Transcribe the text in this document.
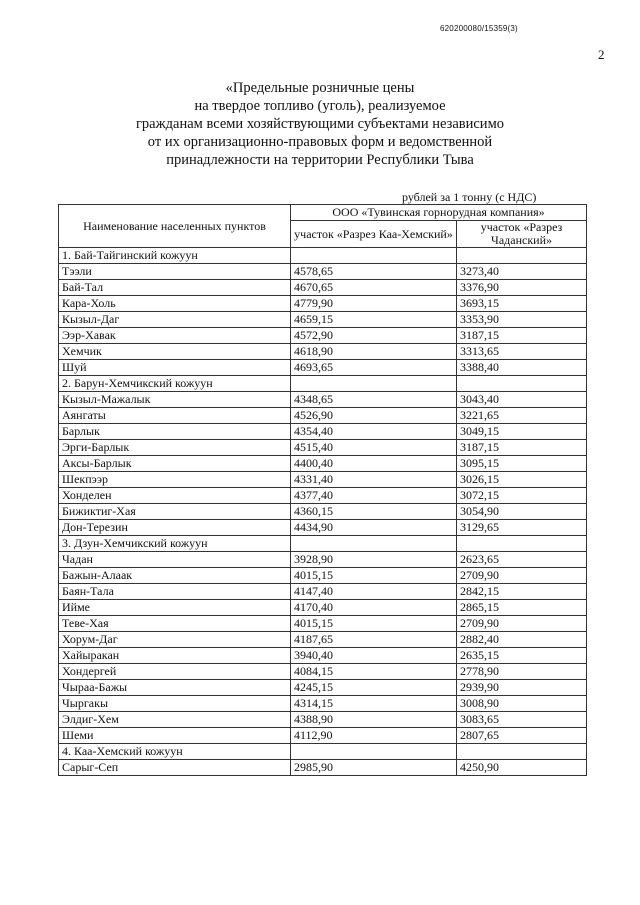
620200080/15359(3)
2
«Предельные розничные цены
на твердое топливо (уголь), реализуемое
гражданам всеми хозяйствующими субъектами независимо
от их организационно-правовых форм и ведомственной
принадлежности на территории Республики Тыва
рублей за 1 тонну (с НДС)
Наименование населенных пунктов	ООО «Тувинская горнорудная компания»	
	участок «Разрез Каа-Хемский»	участок «Разрез Чаданский»
1. Бай-Тайгинский кожуун		
Тээли	4578,65	3273,40
Бай-Тал	4670,65	3376,90
Кара-Холь	4779,90	3693,15
Кызыл-Даг	4659,15	3353,90
Ээр-Хавак	4572,90	3187,15
Хемчик	4618,90	3313,65
Шуй	4693,65	3388,40
2. Барун-Хемчикский кожуун		
Кызыл-Мажалык	4348,65	3043,40
Аянгаты	4526,90	3221,65
Барлык	4354,40	3049,15
Эрги-Барлык	4515,40	3187,15
Аксы-Барлык	4400,40	3095,15
Шекпээр	4331,40	3026,15
Хонделен	4377,40	3072,15
Бижиктиг-Хая	4360,15	3054,90
Дон-Терезин	4434,90	3129,65
3. Дзун-Хемчикский кожуун		
Чадан	3928,90	2623,65
Бажын-Алаак	4015,15	2709,90
Баян-Тала	4147,40	2842,15
Ийме	4170,40	2865,15
Теве-Хая	4015,15	2709,90
Хорум-Даг	4187,65	2882,40
Хайыракан	3940,40	2635,15
Хондергей	4084,15	2778,90
Чыраа-Бажы	4245,15	2939,90
Чыргакы	4314,15	3008,90
Элдиг-Хем	4388,90	3083,65
Шеми	4112,90	2807,65
4. Каа-Хемский кожуун		
Сарыг-Сеп	2985,90	4250,90
